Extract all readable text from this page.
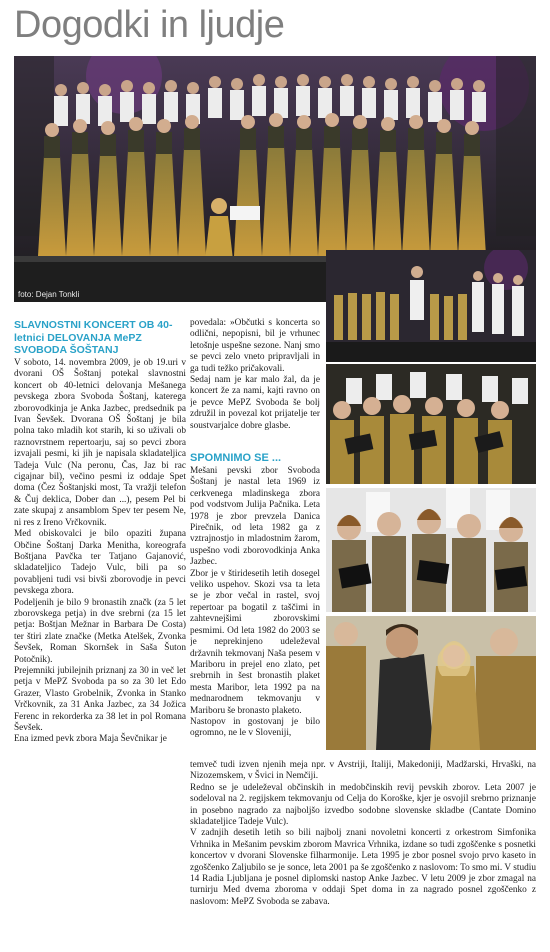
Dogodki in ljudje
foto: Dejan Tonkli
SLAVNOSTNI KONCERT OB 40-letnici DELOVANJA MePZ SVOBODA ŠOŠTANJ

V soboto, 14. novembra 2009, je ob 19.uri v dvorani OŠ Šoštanj potekal slavnostni koncert ob 40-letnici delovanja Mešanega pevskega zbora Svoboda Šoštanj, katerega zborovodkinja je Anka Jazbec, predsednik pa Ivan Ševšek. Dvorana OŠ Šoštanj je bila polna tako mladih kot starih, ki so uživali ob raznovrstnem repertoarju, saj so pevci zbora izvajali pesmi, ki jih je napisala skladateljica Tadeja Vulc (Na peronu, Čas, Jaz bi rac cigajnar bil), večino pesmi iz oddaje Spet doma (Čez Šoštanjski most, Ta vražji telefon & Čuj deklica, Dober dan ...), pesem Pel bi zate skupaj z ansamblom Spev ter pesem Ne, ni res z Ireno Vrčkovnik.

Med obiskovalci je bilo opaziti župana Občine Šoštanj Darka Menitha, koreografa Boštjana Pavčka ter Tatjano Gajanović, skladateljico Tadejo Vulc, bili pa so povabljeni tudi vsi bivši zborovodje in pevci pevskega zbora.

Podeljenih je bilo 9 bronastih značk (za 5 let zborovskega petja) in dve srebrni (za 15 let petja: Boštjan Mežnar in Barbara De Costa) ter štiri zlate značke (Metka Atelšek, Zvonka Ševšek, Roman Skornšek in Saša Šuton Potočnik).

Prejemniki jubilejnih priznanj za 30 in več let petja v MePZ Svoboda pa so za 30 let Edo Grazer, Vlasto Grobelnik, Zvonka in Stanko Vrčkovnik, za 31 Anka Jazbec, za 34 Jožica Ferenc in rekorderka za 38 let in pol Romana Ševšek.

Ena izmed pevk zbora Maja Ševčnikar je

povedala: »Občutki s koncerta so odlični, nepopisni, bil je vrhunec letošnje uspešne sezone. Nanj smo se pevci zelo vneto pripravljali in ga tudi težko pričakovali.

Sedaj nam je kar malo žal, da je koncert že za nami, kajti ravno on je pevce MePZ Svoboda še bolj združil in povezal kot prijatelje ter soustvarjalce dobre glasbe.

SPOMNIMO SE ...

Mešani pevski zbor Svoboda Šoštanj je nastal leta 1969 iz cerkvenega mladinskega zbora pod vodstvom Julija Pačnika. Leta 1978 je zbor prevzela Danica Pirečnik, od leta 1982 ga z vztrajnostjo in mladostnim žarom, uspešno vodi zborovodkinja Anka Jazbec.

Zbor je v štiridesetih letih dosegel veliko uspehov. Skozi vsa ta leta se je zbor večal in rastel, svoj repertoar pa bogatil z taščimi in zahtevnejšimi zborovskimi pesmimi. Od leta 1982 do 2003 se je neprekinjeno udeleževal državnih tekmovanj Naša pesem v Mariboru in prejel eno zlato, pet srebrnih in šest bronastih plaket mesta Maribor, leta 1992 pa na mednarodnem tekmovanju v Mariboru še bronasto plaketo.

Nastopov in gostovanj je bilo ogromno, ne le v Sloveniji,

temveč tudi izven njenih meja npr. v Avstriji, Italiji, Makedoniji, Madžarski, Hrvaški, na Nizozemskem, v Švici in Nemčiji.

Redno se je udeleževal občinskih in medobčinskih revij pevskih zborov. Leta 2007 je sodeloval na 2. regijskem tekmovanju od Celja do Koroške, kjer je osvojil srebrno priznanje in posebno nagrado za najboljšo izvedbo sodobne slovenske skladbe (Cantate Domino skladateljice Tadeje Vulc).

V zadnjih desetih letih so bili najbolj znani novoletni koncerti z orkestrom Simfonika Vrhnika in Mešanim pevskim zborom Mavrica Vrhnika, izdane so tudi zgoščenke s posnetki koncertov v dvorani Slovenske filharmonije. Leta 1995 je zbor posnel svojo prvo kaseto in zgoščenko Zaljubilo se je sonce, leta 2001 pa še zgoščenko z naslovom: To smo mi. V studiu 14 Radia Ljubljana je posnel diplomski nastop Anke Jazbec. V letu 2009 je zbor zmagal na turnirju Med dvema zboroma v oddaji Spet doma in za nagrado posnel zgoščenko z naslovom: MePZ Svoboda se zabava.
